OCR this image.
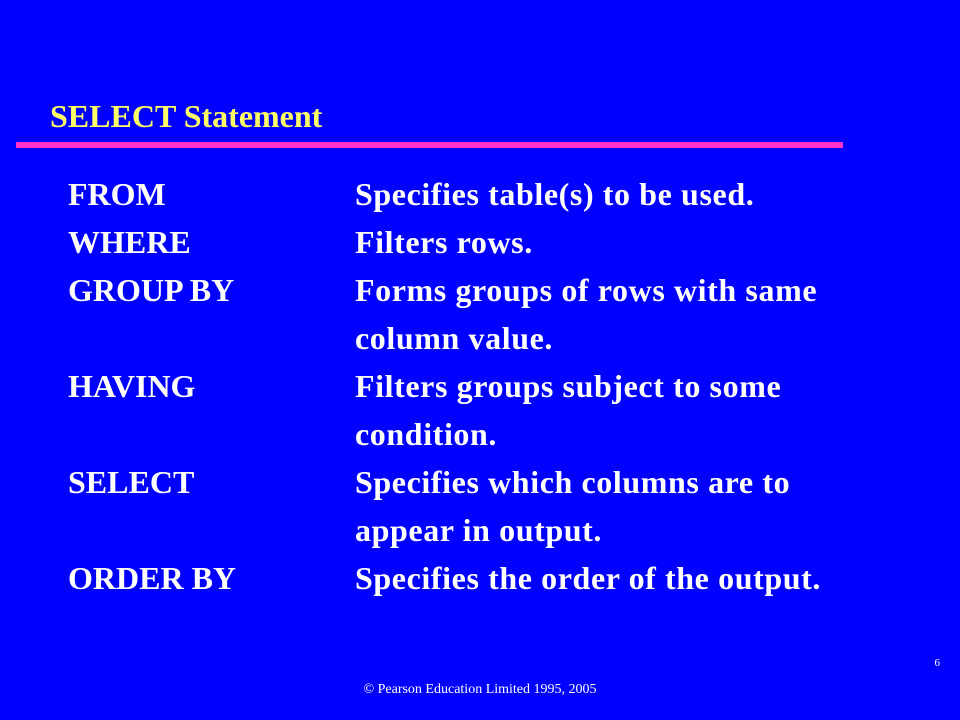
SELECT Statement
FROM	Specifies table(s) to be used.
WHERE	Filters rows.
GROUP BY	Forms groups of rows with same
column value.
HAVING	Filters groups subject to some
condition.
SELECT	Specifies which columns are to
appear in output.
ORDER BY	Specifies the order of the output.
6
© Pearson Education Limited 1995, 2005
